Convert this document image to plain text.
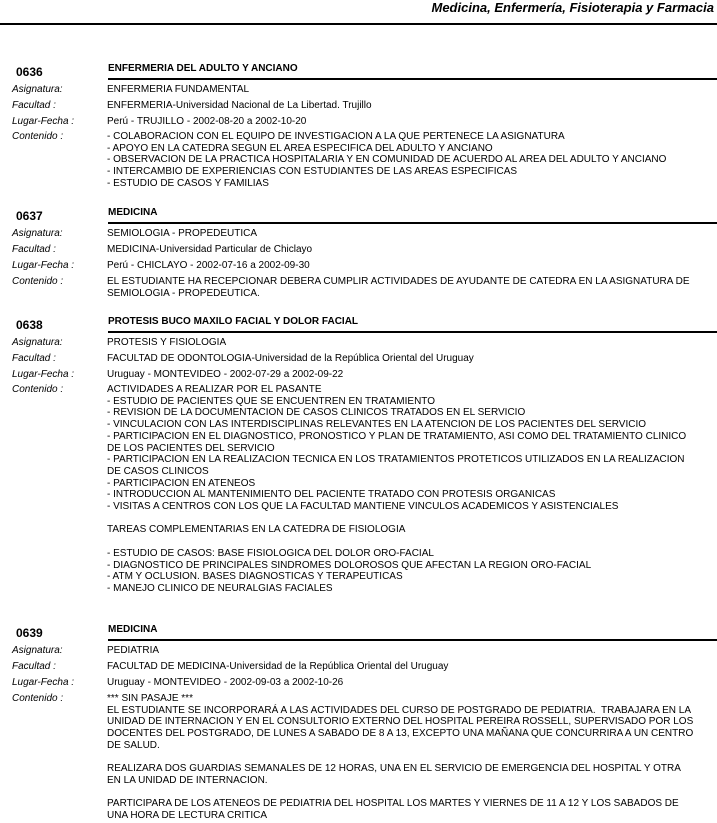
Medicina, Enfermería, Fisioterapia y Farmacia
0636	ENFERMERIA DEL ADULTO Y ANCIANO
Asignatura:	ENFERMERIA FUNDAMENTAL
Facultad :	ENFERMERIA-Universidad Nacional de La Libertad. Trujillo
Lugar-Fecha :	Perú - TRUJILLO - 2002-08-20 a 2002-10-20
Contenido :	- COLABORACION CON EL EQUIPO DE INVESTIGACION A LA QUE PERTENECE LA ASIGNATURA
- APOYO EN LA CATEDRA SEGUN EL AREA ESPECIFICA DEL ADULTO Y ANCIANO
- OBSERVACION DE LA PRACTICA HOSPITALARIA Y EN COMUNIDAD DE ACUERDO AL AREA DEL ADULTO Y ANCIANO
- INTERCAMBIO DE EXPERIENCIAS CON ESTUDIANTES DE LAS AREAS ESPECIFICAS
- ESTUDIO DE CASOS Y FAMILIAS
0637	MEDICINA
Asignatura:	SEMIOLOGIA - PROPEDEUTICA
Facultad :	MEDICINA-Universidad Particular de Chiclayo
Lugar-Fecha :	Perú - CHICLAYO - 2002-07-16 a 2002-09-30
Contenido :	EL ESTUDIANTE HA RECEPCIONAR DEBERA CUMPLIR ACTIVIDADES DE AYUDANTE DE CATEDRA EN LA ASIGNATURA DE
SEMIOLOGIA - PROPEDEUTICA.
0638	PROTESIS BUCO MAXILO FACIAL Y DOLOR FACIAL
Asignatura:	PROTESIS Y FISIOLOGIA
Facultad :	FACULTAD DE ODONTOLOGIA-Universidad de la República Oriental del Uruguay
Lugar-Fecha :	Uruguay - MONTEVIDEO - 2002-07-29 a 2002-09-22
Contenido :	ACTIVIDADES A REALIZAR POR EL PASANTE
- ESTUDIO DE PACIENTES QUE SE ENCUENTREN EN TRATAMIENTO
- REVISION DE LA DOCUMENTACION DE CASOS CLINICOS TRATADOS EN EL SERVICIO
- VINCULACION CON LAS INTERDISCIPLINAS RELEVANTES EN LA ATENCION DE LOS PACIENTES DEL SERVICIO
- PARTICIPACION EN EL DIAGNOSTICO, PRONOSTICO Y PLAN DE TRATAMIENTO, ASI COMO DEL TRATAMIENTO CLINICO
DE LOS PACIENTES DEL SERVICIO
- PARTICIPACION EN LA REALIZACION TECNICA EN LOS TRATAMIENTOS PROTETICOS UTILIZADOS EN LA REALIZACION
DE CASOS CLINICOS
- PARTICIPACION EN ATENEOS
- INTRODUCCION AL MANTENIMIENTO DEL PACIENTE TRATADO CON PROTESIS ORGANICAS
- VISITAS A CENTROS CON LOS QUE LA FACULTAD MANTIENE VINCULOS ACADEMICOS Y ASISTENCIALES
TAREAS COMPLEMENTARIAS EN LA CATEDRA DE FISIOLOGIA
- ESTUDIO DE CASOS: BASE FISIOLOGICA DEL DOLOR ORO-FACIAL
- DIAGNOSTICO DE PRINCIPALES SINDROMES DOLOROSOS QUE AFECTAN LA REGION ORO-FACIAL
- ATM Y OCLUSION. BASES DIAGNOSTICAS Y TERAPEUTICAS
- MANEJO CLINICO DE NEURALGIAS FACIALES
0639	MEDICINA
Asignatura:	PEDIATRIA
Facultad :	FACULTAD DE MEDICINA-Universidad de la República Oriental del Uruguay
Lugar-Fecha :	Uruguay - MONTEVIDEO - 2002-09-03 a 2002-10-26
Contenido :	*** SIN PASAJE ***
EL ESTUDIANTE SE INCORPORARÁ A LAS ACTIVIDADES DEL CURSO DE POSTGRADO DE PEDIATRIA.  TRABAJARA EN LA
UNIDAD DE INTERNACION Y EN EL CONSULTORIO EXTERNO DEL HOSPITAL PEREIRA ROSSELL, SUPERVISADO POR LOS
DOCENTES DEL POSTGRADO, DE LUNES A SABADO DE 8 A 13, EXCEPTO UNA MAÑANA QUE CONCURRIRA A UN CENTRO
DE SALUD.
REALIZARA DOS GUARDIAS SEMANALES DE 12 HORAS, UNA EN EL SERVICIO DE EMERGENCIA DEL HOSPITAL Y OTRA
EN LA UNIDAD DE INTERNACION.
PARTICIPARA DE LOS ATENEOS DE PEDIATRIA DEL HOSPITAL LOS MARTES Y VIERNES DE 11 A 12 Y LOS SABADOS DE
UNA HORA DE LECTURA CRITICA
